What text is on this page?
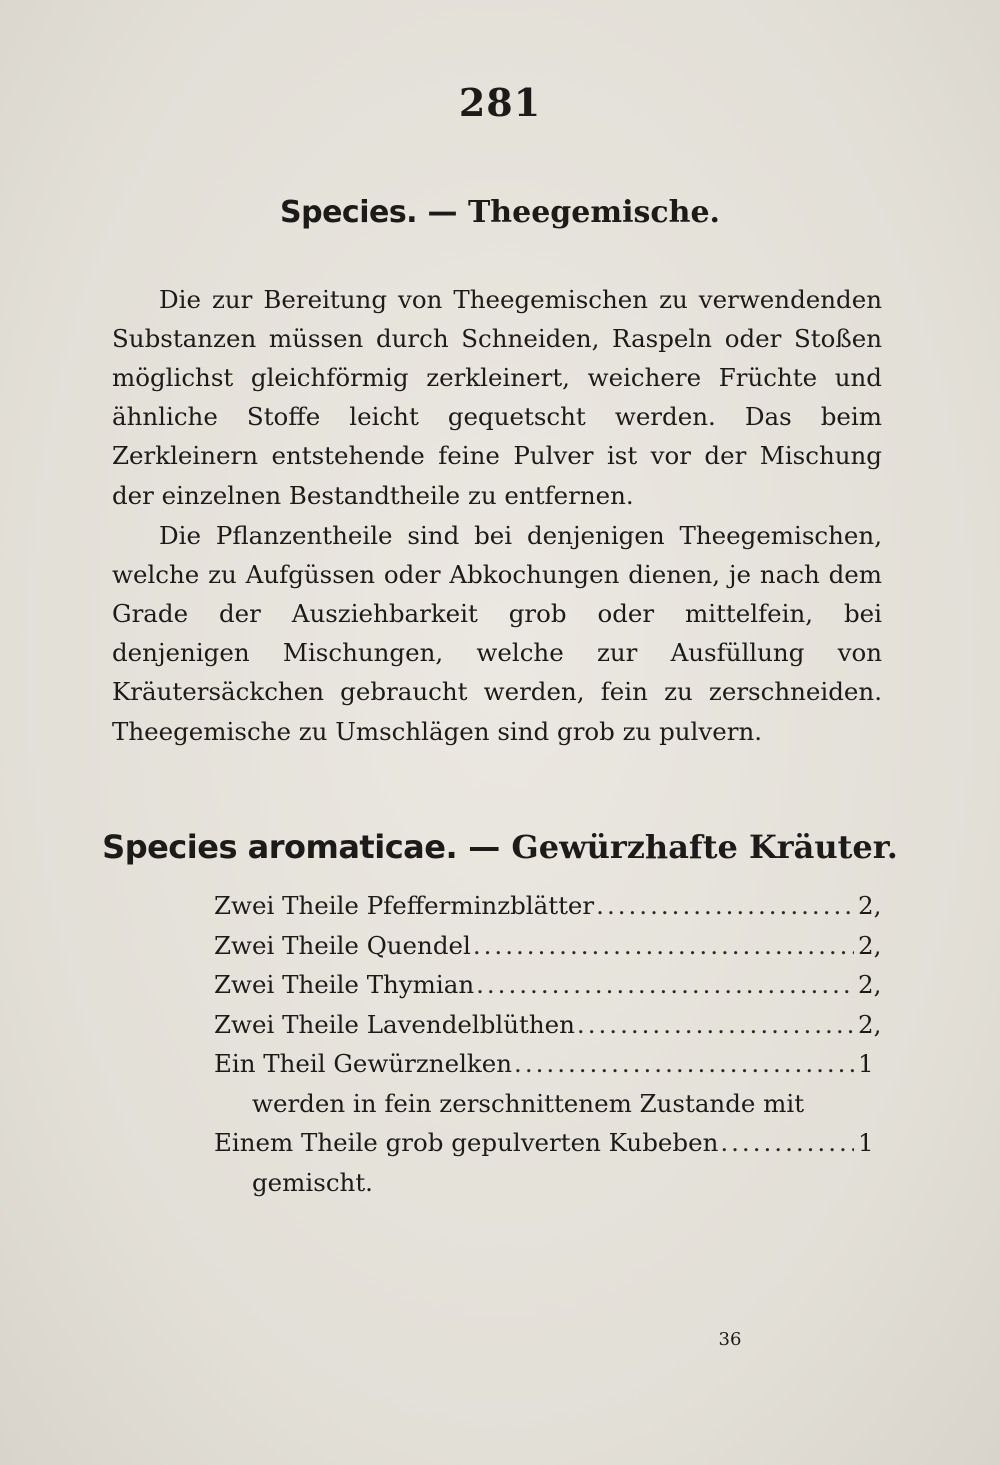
281
Species. — Theegemische.

Die zur Bereitung von Theegemischen zu verwendenden Substanzen müssen durch Schneiden, Raspeln oder Stoßen möglichst gleichförmig zerkleinert, weichere Früchte und ähnliche Stoffe leicht gequetscht werden. Das beim Zerkleinern entstehende feine Pulver ist vor der Mischung der einzelnen Bestandtheile zu entfernen.

Die Pflanzentheile sind bei denjenigen Theegemischen, welche zu Aufgüssen oder Abkochungen dienen, je nach dem Grade der Ausziehbarkeit grob oder mittelfein, bei denjenigen Mischungen, welche zur Ausfüllung von Kräutersäckchen gebraucht werden, fein zu zerschneiden. Theegemische zu Umschlägen sind grob zu pulvern.

Species aromaticae. — Gewürzhafte Kräuter.
Zwei Theile Pfefferminzblätter .....	2,
Zwei Theile Quendel .....	2,
Zwei Theile Thymian .....	2,
Zwei Theile Lavendelblüthen .....	2,
Ein Theil Gewürznelken .....	1
werden in fein zerschnittenem Zustande mit
Einem Theile grob gepulverten Kubeben .....	1
gemischt.
36
